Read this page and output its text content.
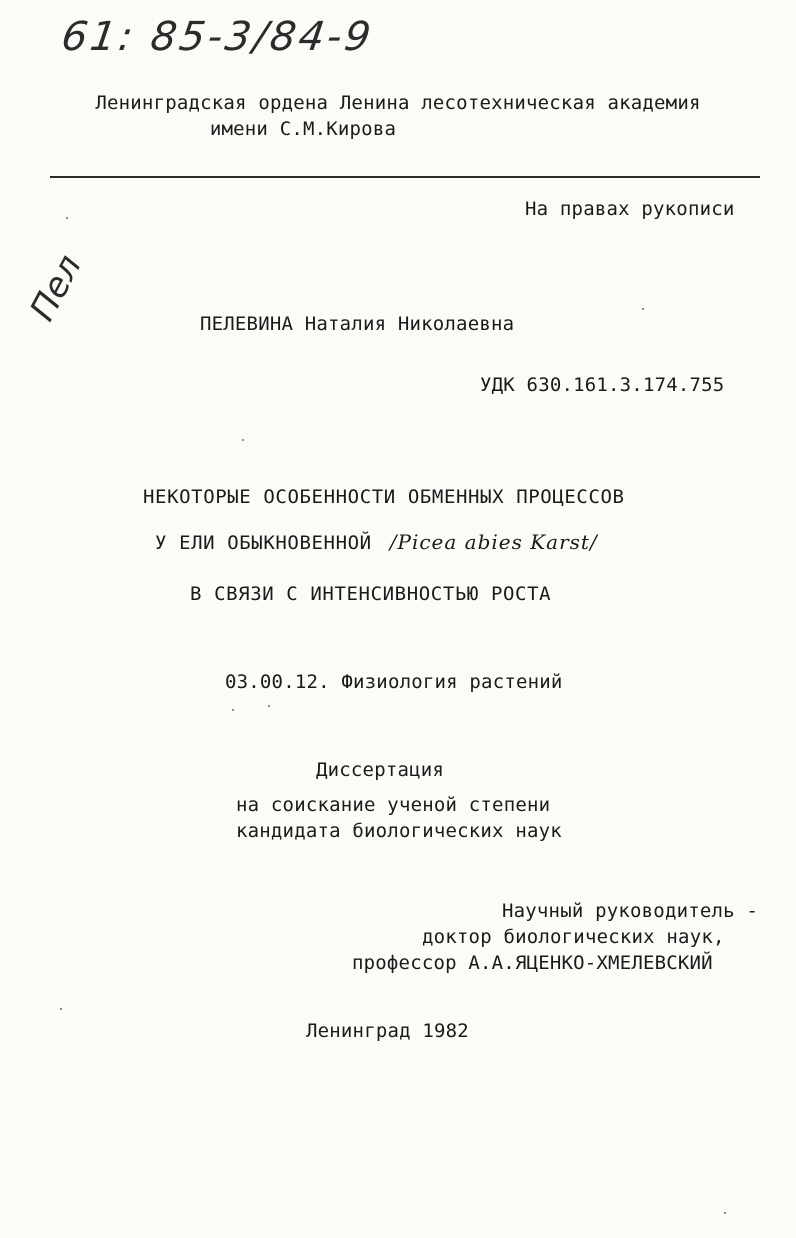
61: 85-3/84-9
Ленинградская ордена Ленина лесотехническая академия
имени С.М.Кирова
На правах рукописи
Пел	ПЕЛЕВИНА Наталия Николаевна
УДК 630.161.3.174.755
НЕКОТОРЫЕ ОСОБЕННОСТИ ОБМЕННЫХ ПРОЦЕССОВ
У ЕЛИ ОБЫКНОВЕННОЙ /Picea abies Karst/
В СВЯЗИ С ИНТЕНСИВНОСТЬЮ РОСТА
03.00.12. Физиология растений
Диссертация
на соискание ученой степени
кандидата биологических наук
Научный руководитель -
доктор биологических наук,
профессор А.А.ЯЦЕНКО-ХМЕЛЕВСКИЙ
Ленинград 1982
